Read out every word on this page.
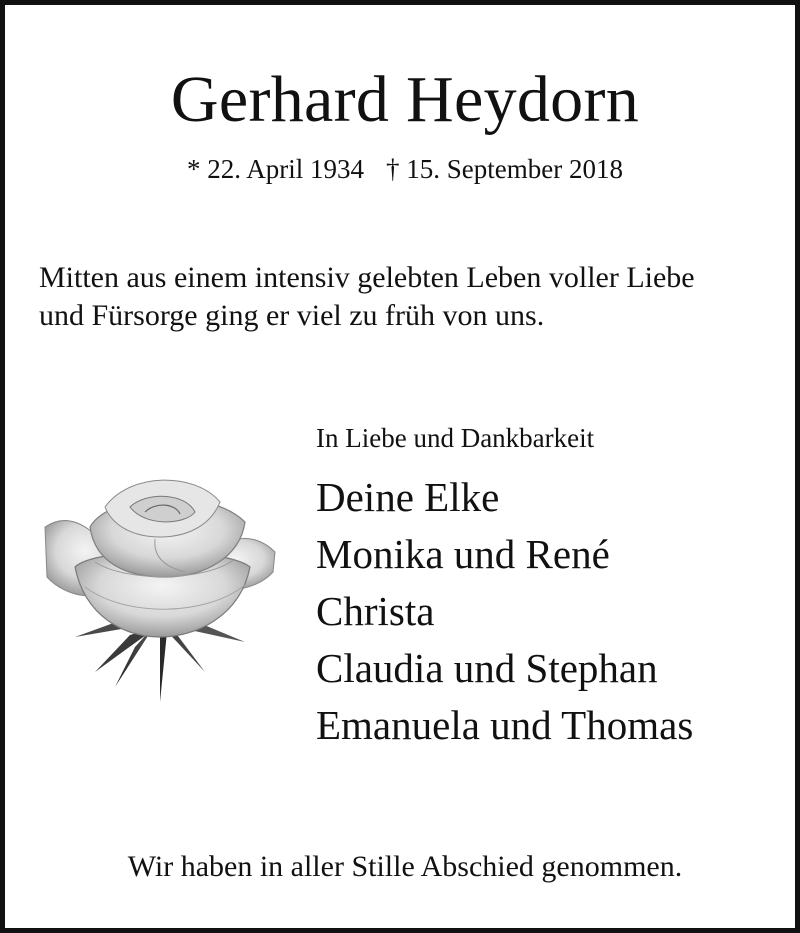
Gerhard Heydorn
* 22. April 1934 † 15. September 2018
Mitten aus einem intensiv gelebten Leben voller Liebe
und Fürsorge ging er viel zu früh von uns.
In Liebe und Dankbarkeit
Deine Elke
Monika und René
Christa
Claudia und Stephan
Emanuela und Thomas
Wir haben in aller Stille Abschied genommen.
